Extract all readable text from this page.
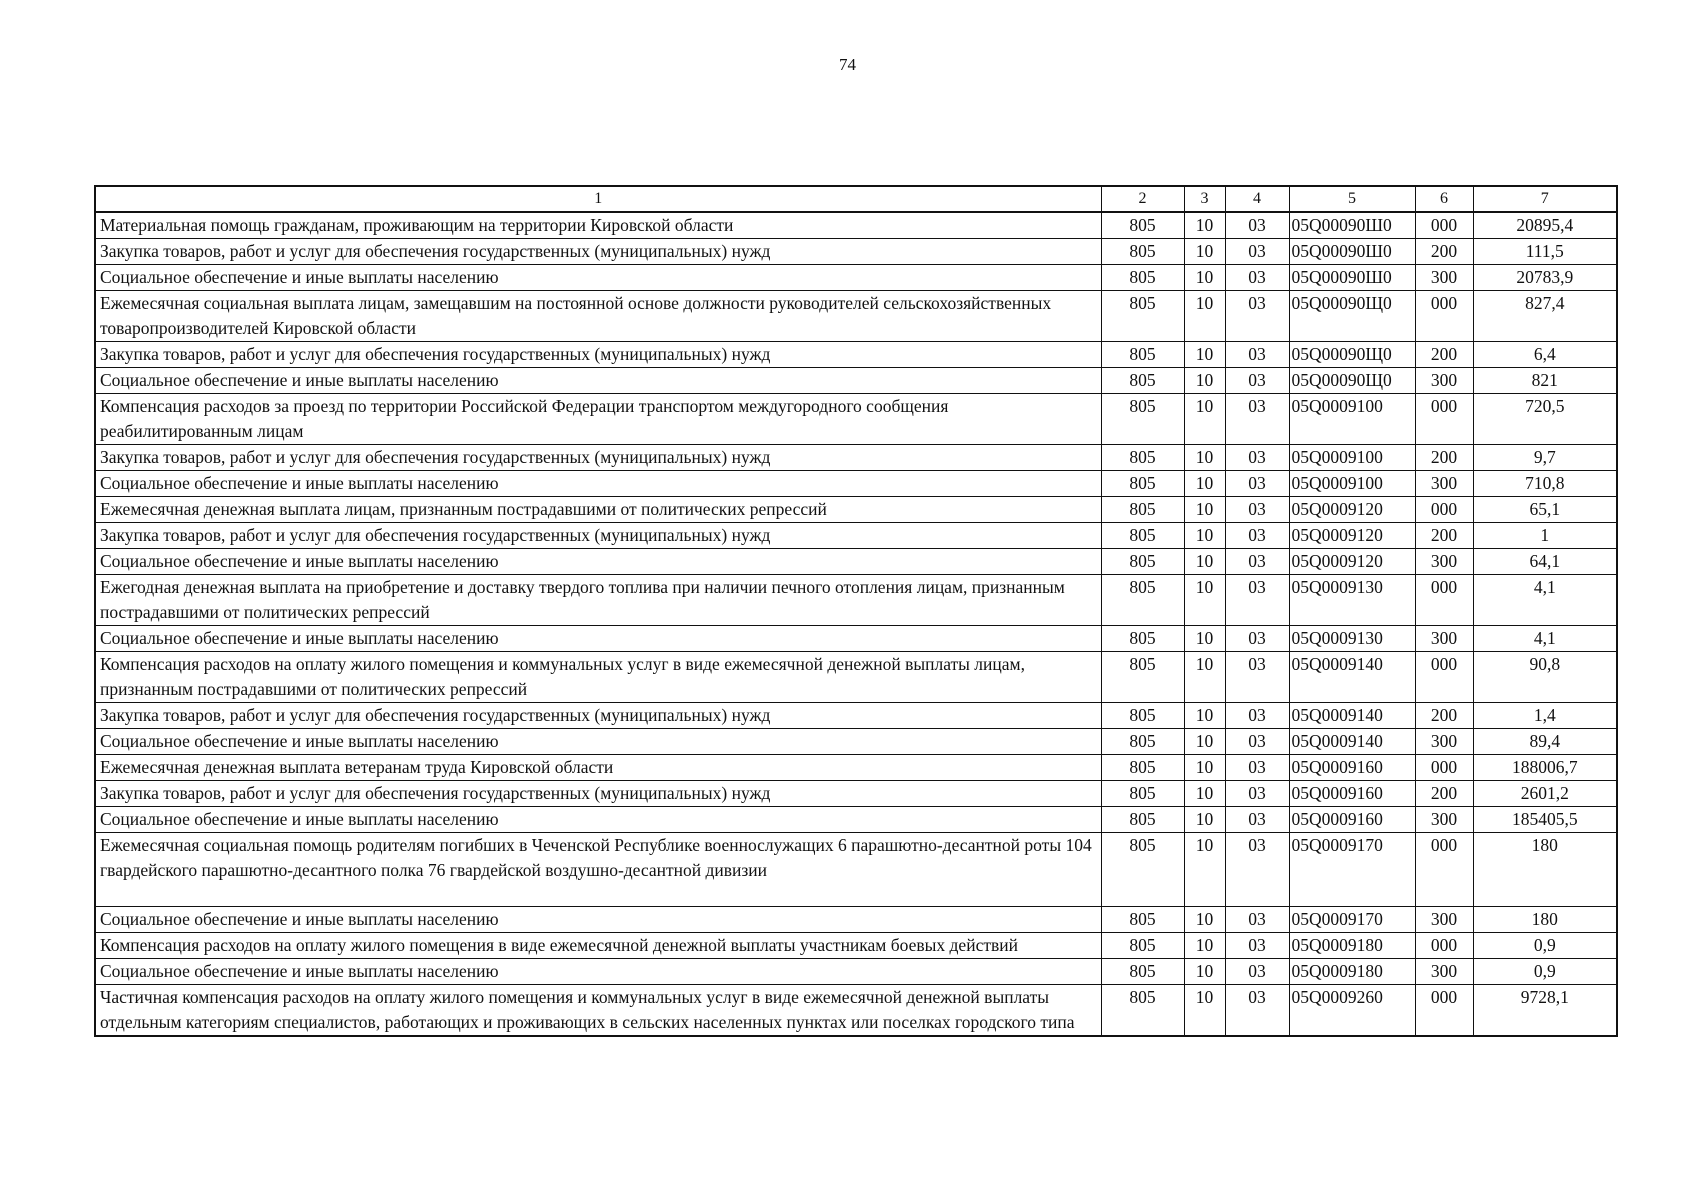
74
1	2	3	4	5	6	7
Материальная помощь гражданам, проживающим на территории Кировской области	805	10	03	05Q00090Ш0	000	20895,4
Закупка товаров, работ и услуг для обеспечения государственных (муниципальных) нужд	805	10	03	05Q00090Ш0	200	111,5
Социальное обеспечение и иные выплаты населению	805	10	03	05Q00090Ш0	300	20783,9
Ежемесячная социальная выплата лицам, замещавшим на постоянной основе должности руководителей сельскохозяйственных товаропроизводителей Кировской области	805	10	03	05Q00090Щ0	000	827,4
Закупка товаров, работ и услуг для обеспечения государственных (муниципальных) нужд	805	10	03	05Q00090Щ0	200	6,4
Социальное обеспечение и иные выплаты населению	805	10	03	05Q00090Щ0	300	821
Компенсация расходов за проезд по территории Российской Федерации транспортом междугородного сообщения реабилитированным лицам	805	10	03	05Q0009100	000	720,5
Закупка товаров, работ и услуг для обеспечения государственных (муниципальных) нужд	805	10	03	05Q0009100	200	9,7
Социальное обеспечение и иные выплаты населению	805	10	03	05Q0009100	300	710,8
Ежемесячная денежная выплата лицам, признанным пострадавшими от политических репрессий	805	10	03	05Q0009120	000	65,1
Закупка товаров, работ и услуг для обеспечения государственных (муниципальных) нужд	805	10	03	05Q0009120	200	1
Социальное обеспечение и иные выплаты населению	805	10	03	05Q0009120	300	64,1
Ежегодная денежная выплата на приобретение и доставку твердого топлива при наличии печного отопления лицам, признанным пострадавшими от политических репрессий	805	10	03	05Q0009130	000	4,1
Социальное обеспечение и иные выплаты населению	805	10	03	05Q0009130	300	4,1
Компенсация расходов на оплату жилого помещения и коммунальных услуг в виде ежемесячной денежной выплаты лицам, признанным пострадавшими от политических репрессий	805	10	03	05Q0009140	000	90,8
Закупка товаров, работ и услуг для обеспечения государственных (муниципальных) нужд	805	10	03	05Q0009140	200	1,4
Социальное обеспечение и иные выплаты населению	805	10	03	05Q0009140	300	89,4
Ежемесячная денежная выплата ветеранам труда Кировской области	805	10	03	05Q0009160	000	188006,7
Закупка товаров, работ и услуг для обеспечения государственных (муниципальных) нужд	805	10	03	05Q0009160	200	2601,2
Социальное обеспечение и иные выплаты населению	805	10	03	05Q0009160	300	185405,5
Ежемесячная социальная помощь родителям погибших в Чеченской Республике военнослужащих 6 парашютно-десантной роты 104 гвардейского парашютно-десантного полка 76 гвардейской воздушно-десантной дивизии	805	10	03	05Q0009170	000	180
Социальное обеспечение и иные выплаты населению	805	10	03	05Q0009170	300	180
Компенсация расходов на оплату жилого помещения в виде ежемесячной денежной выплаты участникам боевых действий	805	10	03	05Q0009180	000	0,9
Социальное обеспечение и иные выплаты населению	805	10	03	05Q0009180	300	0,9
Частичная компенсация расходов на оплату жилого помещения и коммунальных услуг в виде ежемесячной денежной выплаты отдельным категориям специалистов, работающих и проживающих в сельских населенных пунктах или поселках городского типа	805	10	03	05Q0009260	000	9728,1
